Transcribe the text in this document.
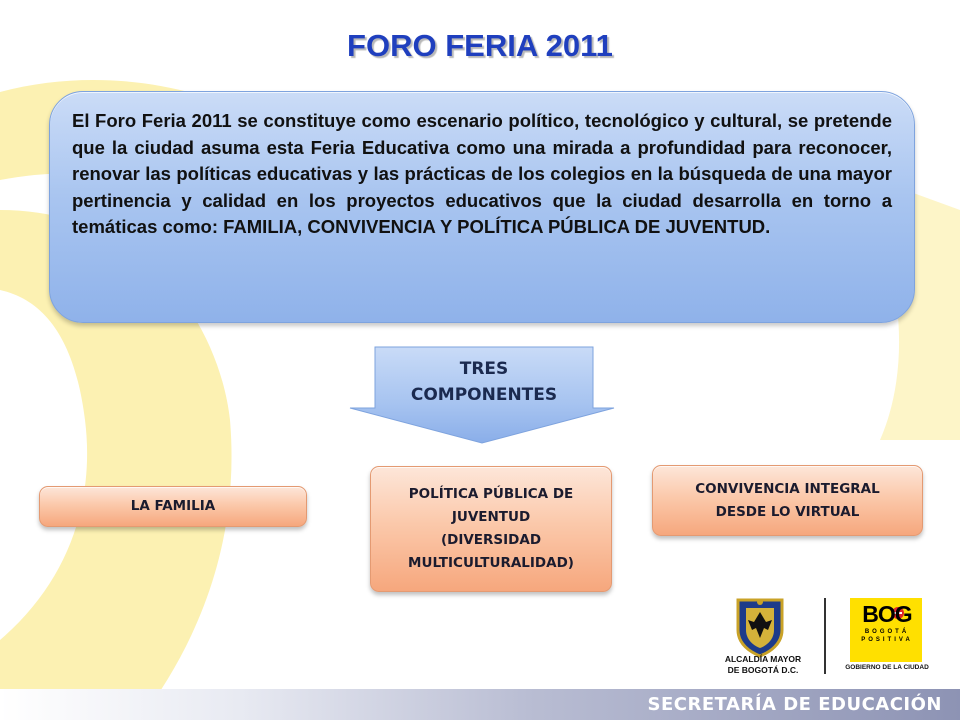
FORO FERIA 2011

El Foro Feria 2011 se constituye como escenario político, tecnológico y cultural, se pretende que la ciudad asuma esta Feria Educativa como una mirada a profundidad para reconocer, renovar las políticas educativas y las prácticas de los colegios en la búsqueda de una mayor pertinencia y calidad en los proyectos educativos que la ciudad desarrolla en torno a temáticas como: FAMILIA, CONVIVENCIA Y POLÍTICA PÚBLICA DE JUVENTUD.

TRES
COMPONENTES
LA FAMILIA
POLÍTICA PÚBLICA DE
JUVENTUD
(DIVERSIDAD
MULTICULTURALIDAD)
CONVIVENCIA INTEGRAL
DESDE LO VIRTUAL
ALCALDÍA MAYOR
DE BOGOTÁ D.C.
BOG
BOGOTÁ
POSITIVA
GOBIERNO DE LA CIUDAD
SECRETARÍA DE EDUCACIÓN
